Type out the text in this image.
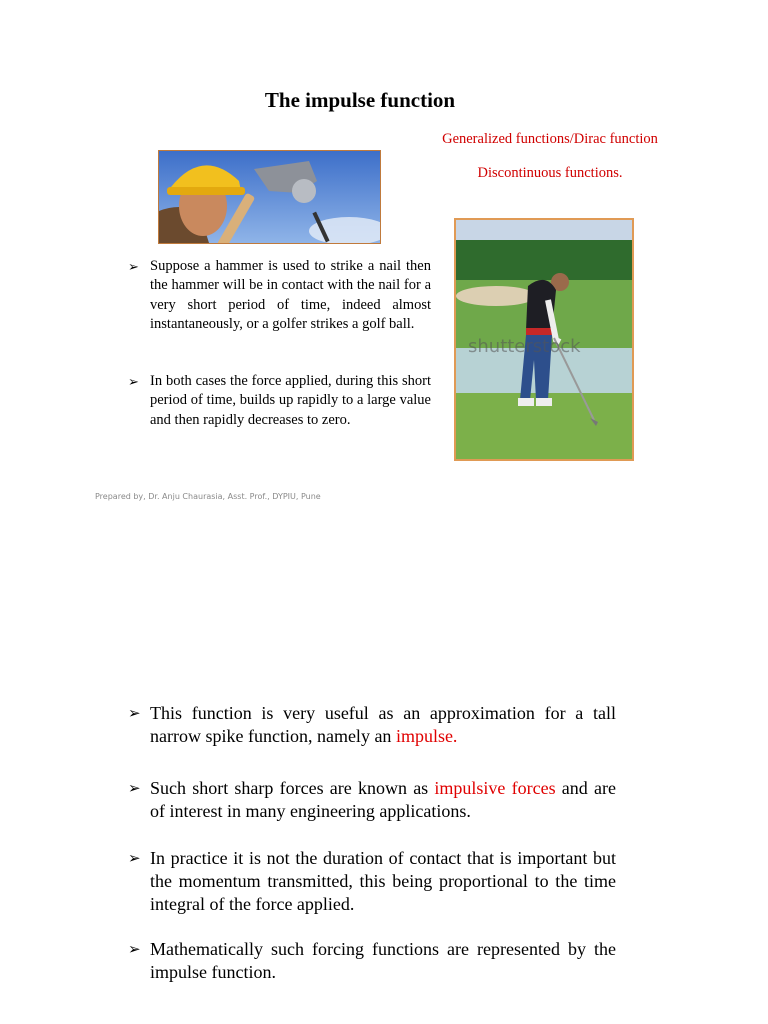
The impulse function
Generalized functions/Dirac function
Discontinuous functions.
shutterstock

➢ Suppose a hammer is used to strike a nail then the hammer will be in contact with the nail for a very short period of time, indeed almost instantaneously, or a golfer strikes a golf ball.

➢ In both cases the force applied, during this short period of time, builds up rapidly to a large value and then rapidly decreases to zero.

Prepared by, Dr. Anju Chaurasia, Asst. Prof., DYPIU, Pune

➢ This function is very useful as an approximation for a tall narrow spike function, namely an impulse.

➢ Such short sharp forces are known as impulsive forces and are of interest in many engineering applications.

➢ In practice it is not the duration of contact that is important but the momentum transmitted, this being proportional to the time integral of the force applied.

➢ Mathematically such forcing functions are represented by the impulse function.
